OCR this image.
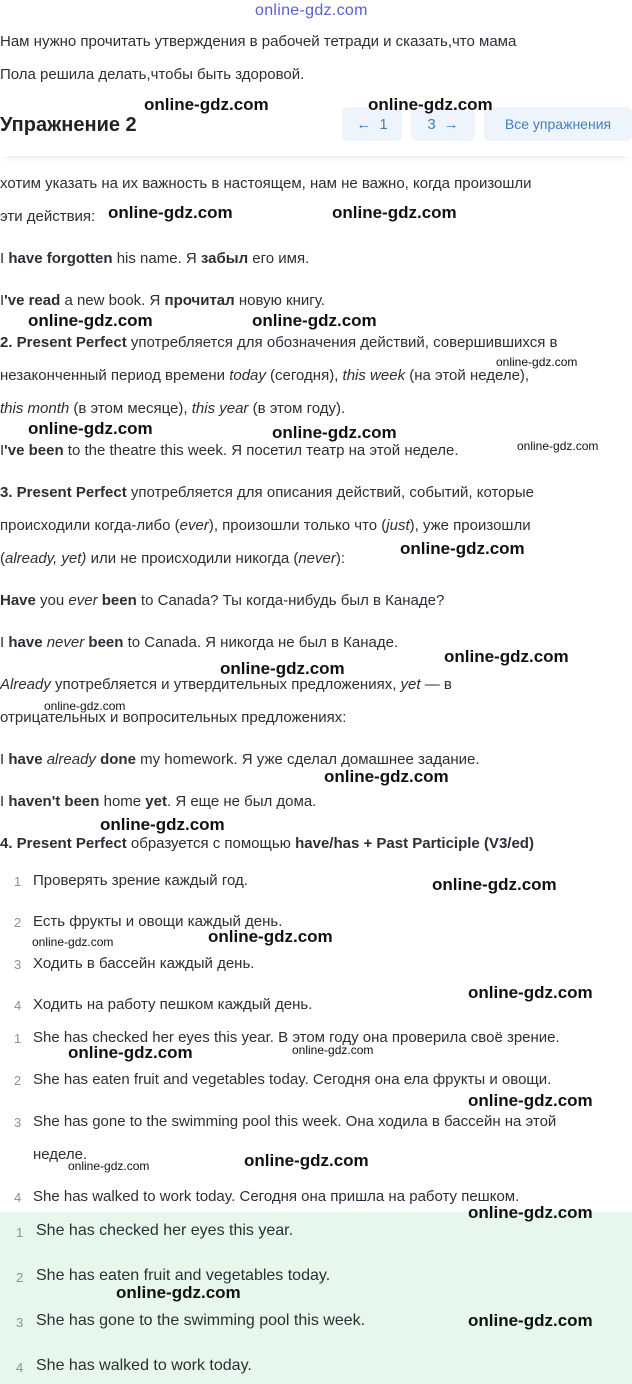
online-gdz.com
Нам нужно прочитать утверждения в рабочей тетради и сказать,что мама
Пола решила делать,чтобы быть здоровой.
хотим указать на их важность в настоящем, нам не важно, когда произошли
эти действия:
I have forgotten his name. Я забыл его имя.
I've read a new book. Я прочитал новую книгу.
2. Present Perfect употребляется для обозначения действий, совершившихся в
незаконченный период времени today (сегодня), this week (на этой неделе),
this month (в этом месяце), this year (в этом году).
I've been to the theatre this week. Я посетил театр на этой неделе.
3. Present Perfect употребляется для описания действий, событий, которые
происходили когда-либо (ever), произошли только что (just), уже произошли
(already, yet) или не происходили никогда (never):
Have you ever been to Canada? Ты когда-нибудь был в Канаде?
I have never been to Canada. Я никогда не был в Канаде.
Already употребляется и утвердительных предложениях, yet — в
отрицательных и вопросительных предложениях:
I have already done my homework. Я уже сделал домашнее задание.
I haven't been home yet. Я еще не был дома.
4. Present Perfect образуется с помощью have/has + Past Participle (V3/ed)
1 Проверять зрение каждый год.
2 Есть фрукты и овощи каждый день.
3 Ходить в бассейн каждый день.
4 Ходить на работу пешком каждый день.
1 She has checked her eyes this year. В этом году она проверила своё зрение.
2 She has eaten fruit and vegetables today. Сегодня она ела фрукты и овощи.
3 She has gone to the swimming pool this week. Она ходила в бассейн на этой
неделе.
4 She has walked to work today. Сегодня она пришла на работу пешком.
1 She has checked her eyes this year.
2 She has eaten fruit and vegetables today.
3 She has gone to the swimming pool this week.
4 She has walked to work today.
Упражнение 2	← 1	3 →	Все упражнения
online-gdz.com	online-gdz.com
online-gdz.com	online-gdz.com
online-gdz.com	online-gdz.com
online-gdz.com
online-gdz.com	online-gdz.com
online-gdz.com
online-gdz.com
online-gdz.com
online-gdz.com
online-gdz.com
online-gdz.com
online-gdz.com
online-gdz.com
online-gdz.com
online-gdz.com
online-gdz.com
online-gdz.com	online-gdz.com
online-gdz.com
online-gdz.com	online-gdz.com
online-gdz.com
online-gdz.com
online-gdz.com
